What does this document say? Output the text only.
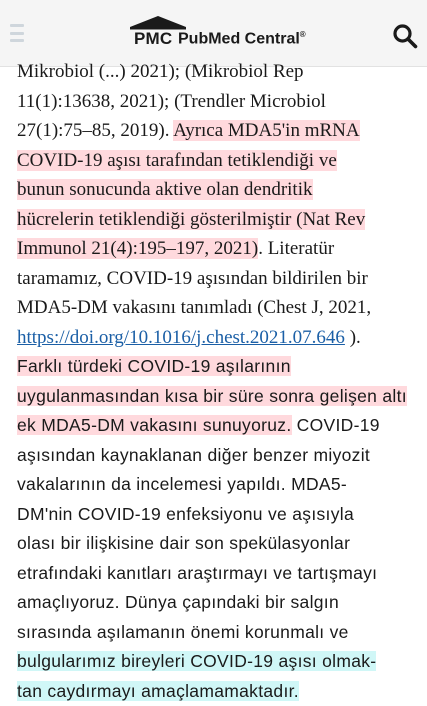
PMC PubMed Central®
Mikrobiol (...) 2021); (Mikrobiol Rep
11(1):13638, 2021); (Trendler Microbiol
27(1):75–85, 2019). Ayrıca MDA5'in mRNA
COVID-19 aşısı tarafından tetiklendiği ve
bunun sonucunda aktive olan dendritik
hücrelerin tetiklendiği gösterilmiştir (Nat Rev
Immunol 21(4):195–197, 2021). Literatür
taramamız, COVID-19 aşısından bildirilen bir
MDA5-DM vakasını tanımladı (Chest J, 2021,
https://doi.org/10.1016/j.chest.2021.07.646 ).
Farklı türdeki COVID-19 aşılarının
uygulanmasından kısa bir süre sonra gelişen altı
ek MDA5-DM vakasını sunuyoruz. COVID-19
aşısından kaynaklanan diğer benzer miyozit
vakalarının da incelemesi yapıldı. MDA5-
DM'nin COVID-19 enfeksiyonu ve aşısıyla
olası bir ilişkisine dair son spekülasyonlar
etrafındaki kanıtları araştırmayı ve tartışmayı
amaçlıyoruz. Dünya çapındaki bir salgın
sırasında aşılamanın önemi korunmalı ve
bulgularımız bireyleri COVID-19 aşısı olmak-
tan caydırmayı amaçlamamaktadır.
